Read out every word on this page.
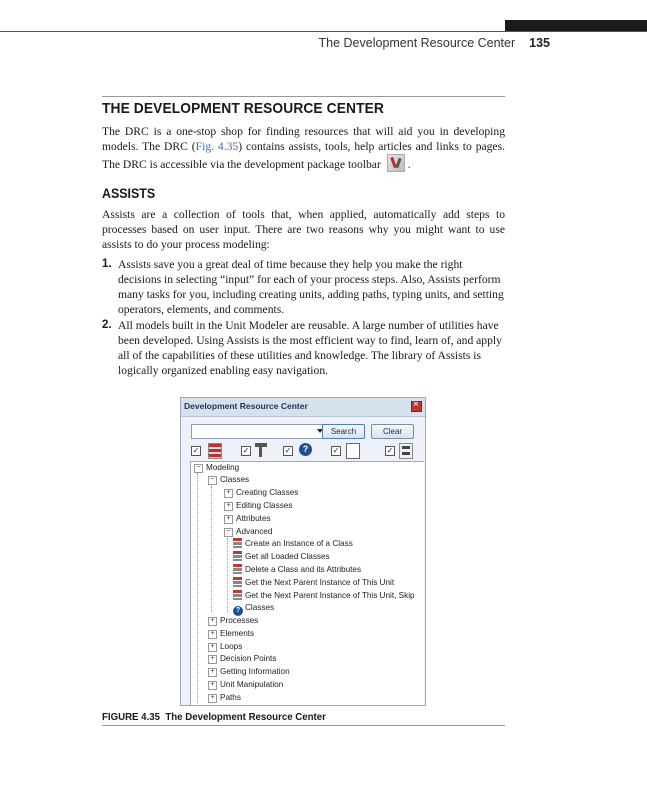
The Development Resource Center 135
THE DEVELOPMENT RESOURCE CENTER

The DRC is a one-stop shop for finding resources that will aid you in developing models. The DRC (Fig. 4.35) contains assists, tools, help articles and links to pages. The DRC is accessible via the development package toolbar .

ASSISTS

Assists are a collection of tools that, when applied, automatically add steps to processes based on user input. There are two reasons why you might want to use assists to do your process modeling:

1. Assists save you a great deal of time because they help you make the right decisions in selecting “input” for each of your process steps. Also, Assists perform many tasks for you, including creating units, adding paths, typing units, and setting operators, elements, and comments.
2. All models built in the Unit Modeler are reusable. A large number of utilities have been developed. Using Assists is the most efficient way to find, learn of, and apply all of the capabilities of these utilities and knowledge. The library of Assists is logically organized enabling easy navigation.
Development Resource Center
×
Search	Clear
✓	✓	✓	?	✓	✓
− Modeling
− Classes
+ Creating Classes
+ Editing Classes
+ Attributes
− Advanced
Create an Instance of a Class
Get all Loaded Classes
Delete a Class and its Attributes
Get the Next Parent Instance of This Unit
Get the Next Parent Instance of This Unit, Skip
? Classes
+ Processes
+ Elements
+ Loops
+ Decision Points
+ Getting Information
+ Unit Manipulation
+ Paths
FIGURE 4.35 The Development Resource Center
